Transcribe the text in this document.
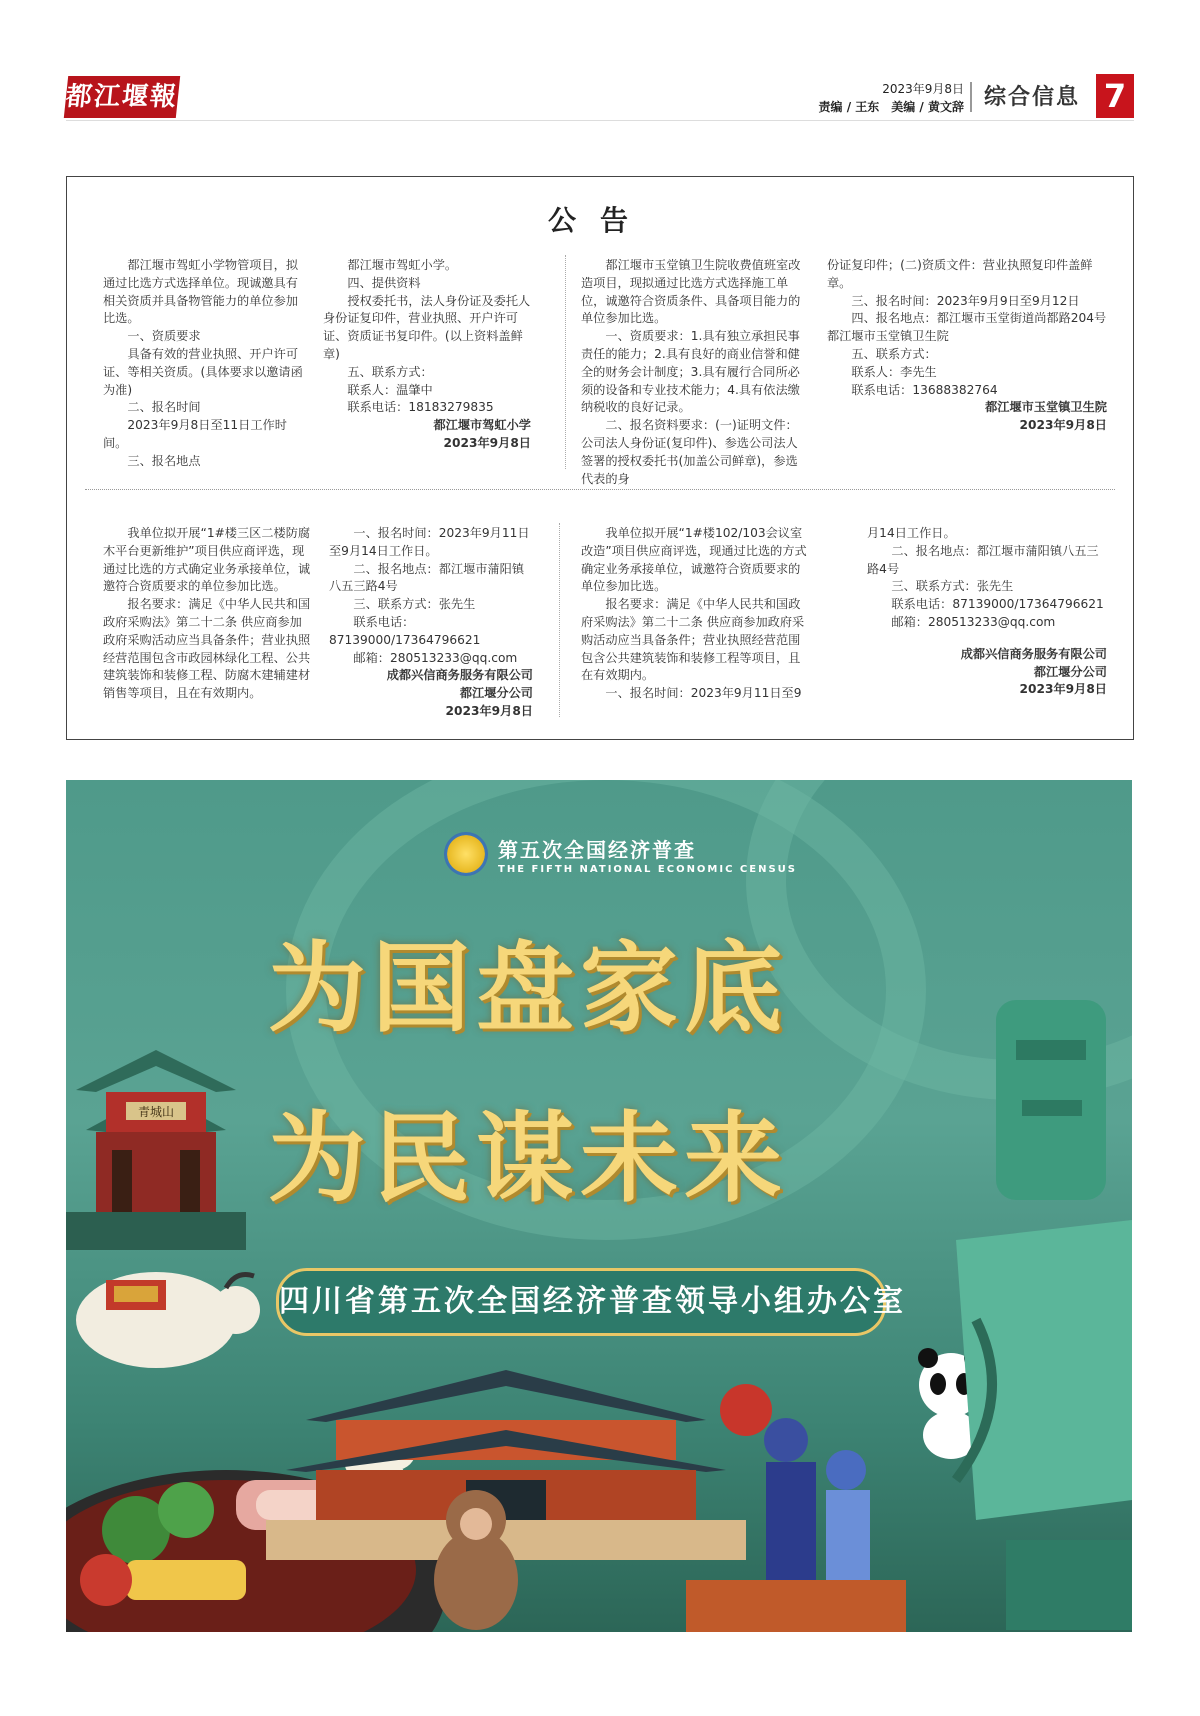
都江堰報	2023年9月8日
责编 / 王东　美编 / 黄文辞 综合信息 7
公告

都江堰市驾虹小学物管项目，拟通过比选方式选择单位。现诚邀具有相关资质并具备物管能力的单位参加比选。

一、资质要求

具备有效的营业执照、开户许可证、等相关资质。(具体要求以邀请函为准)

二、报名时间

2023年9月8日至11日工作时间。

三、报名地点

都江堰市驾虹小学。

四、提供资料

授权委托书，法人身份证及委托人身份证复印件，营业执照、开户许可证、资质证书复印件。(以上资料盖鲜章)

五、联系方式：

联系人：温肇中

联系电话：18183279835

都江堰市驾虹小学

2023年9月8日

都江堰市玉堂镇卫生院收费值班室改造项目，现拟通过比选方式选择施工单位，诚邀符合资质条件、具备项目能力的单位参加比选。

一、资质要求：1.具有独立承担民事责任的能力；2.具有良好的商业信誉和健全的财务会计制度；3.具有履行合同所必须的设备和专业技术能力；4.具有依法缴纳税收的良好记录。

二、报名资料要求：(一)证明文件：公司法人身份证(复印件)、参选公司法人签署的授权委托书(加盖公司鲜章)，参选代表的身

份证复印件；(二)资质文件：营业执照复印件盖鲜章。

三、报名时间：2023年9月9日至9月12日

四、报名地点：都江堰市玉堂街道尚都路204号都江堰市玉堂镇卫生院

五、联系方式：

联系人：李先生

联系电话：13688382764

都江堰市玉堂镇卫生院

2023年9月8日

我单位拟开展“1#楼三区二楼防腐木平台更新维护”项目供应商评选，现通过比选的方式确定业务承接单位，诚邀符合资质要求的单位参加比选。

报名要求：满足《中华人民共和国政府采购法》第二十二条 供应商参加政府采购活动应当具备条件；营业执照经营范围包含市政园林绿化工程、公共建筑装饰和装修工程、防腐木建辅建材销售等项目，且在有效期内。

一、报名时间：2023年9月11日至9月14日工作日。

二、报名地点：都江堰市蒲阳镇八五三路4号

三、联系方式：张先生

联系电话：87139000/17364796621

邮箱：280513233@qq.com

成都兴信商务服务有限公司

都江堰分公司

2023年9月8日

我单位拟开展“1#楼102/103会议室改造”项目供应商评选，现通过比选的方式确定业务承接单位，诚邀符合资质要求的单位参加比选。

报名要求：满足《中华人民共和国政府采购法》第二十二条 供应商参加政府采购活动应当具备条件；营业执照经营范围包含公共建筑装饰和装修工程等项目，且在有效期内。

一、报名时间：2023年9月11日至9

月14日工作日。

二、报名地点：都江堰市蒲阳镇八五三路4号

三、联系方式：张先生

联系电话：87139000/17364796621

邮箱：280513233@qq.com

成都兴信商务服务有限公司

都江堰分公司

2023年9月8日

第五次全国经济普查
THE FIFTH NATIONAL ECONOMIC CENSUS
为国盘家底
为民谋未来
四川省第五次全国经济普查领导小组办公室
青城山
